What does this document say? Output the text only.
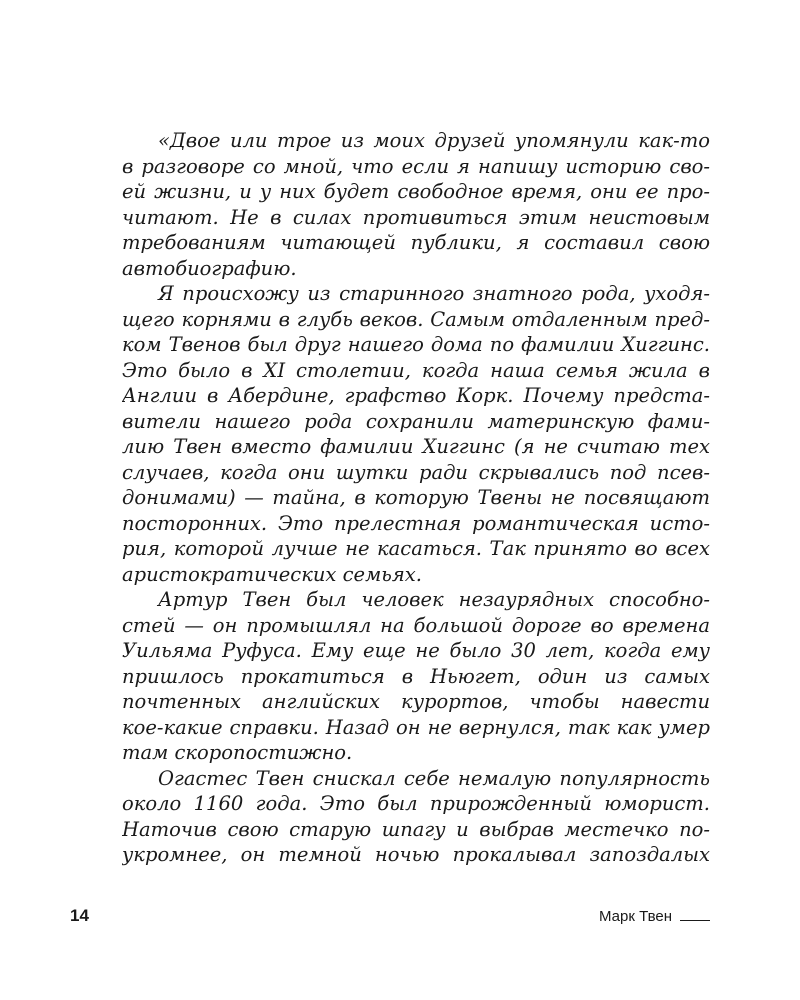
«Двое или трое из моих друзей упомянули как-то
в разговоре со мной, что если я напишу историю сво-
ей жизни, и у них будет свободное время, они ее про-
читают. Не в силах противиться этим неистовым
требованиям читающей публики, я составил свою
автобиографию.
Я происхожу из старинного знатного рода, уходя-
щего корнями в глубь веков. Самым отдаленным пред-
ком Твенов был друг нашего дома по фамилии Хиггинс.
Это было в XI столетии, когда наша семья жила в
Англии в Абердине, графство Корк. Почему предста-
вители нашего рода сохранили материнскую фами-
лию Твен вместо фамилии Хиггинс (я не считаю тех
случаев, когда они шутки ради скрывались под псев-
донимами) — тайна, в которую Твены не посвящают
посторонних. Это прелестная романтическая исто-
рия, которой лучше не касаться. Так принято во всех
аристократических семьях.
Артур Твен был человек незаурядных способно-
стей — он промышлял на большой дороге во времена
Уильяма Руфуса. Ему еще не было 30 лет, когда ему
пришлось прокатиться в Ньюгет, один из самых
почтенных английских курортов, чтобы навести
кое-какие справки. Назад он не вернулся, так как умер
там скоропостижно.
Огастес Твен снискал себе немалую популярность
около 1160 года. Это был прирожденный юморист.
Наточив свою старую шпагу и выбрав местечко по-
укромнее, он темной ночью прокалывал запоздалых
14	Марк Твен
